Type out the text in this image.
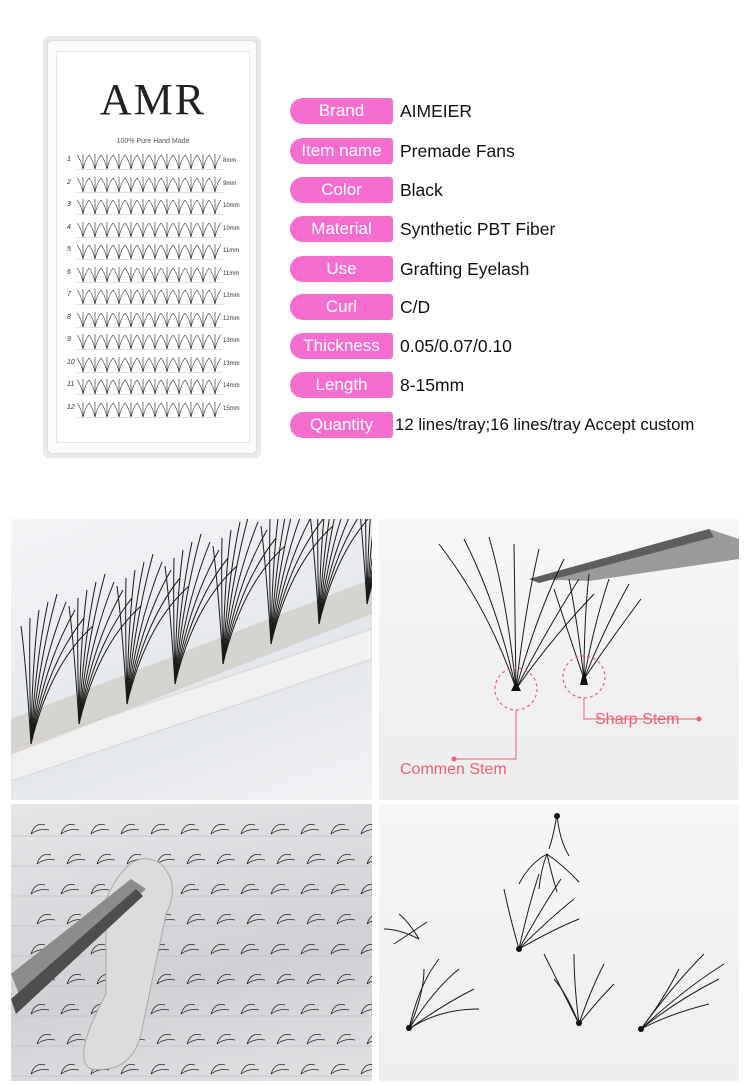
AMR
100% Pure Hand Made
1	8mm
2	9mm
3	10mm
4	10mm
5	11mm
6	11mm
7	12mm
8	12mm
9	13mm
10	13mm
11	14mm
12	15mm
Brand	AIMEIER
Item name	Premade Fans
Color	Black
Material	Synthetic PBT Fiber
Use	Grafting Eyelash
Curl	C/D
Thickness	0.05/0.07/0.10
Length	8-15mm
Quantity	12 lines/tray;16 lines/tray Accept custom
Sharp Stem
Commen Stem
